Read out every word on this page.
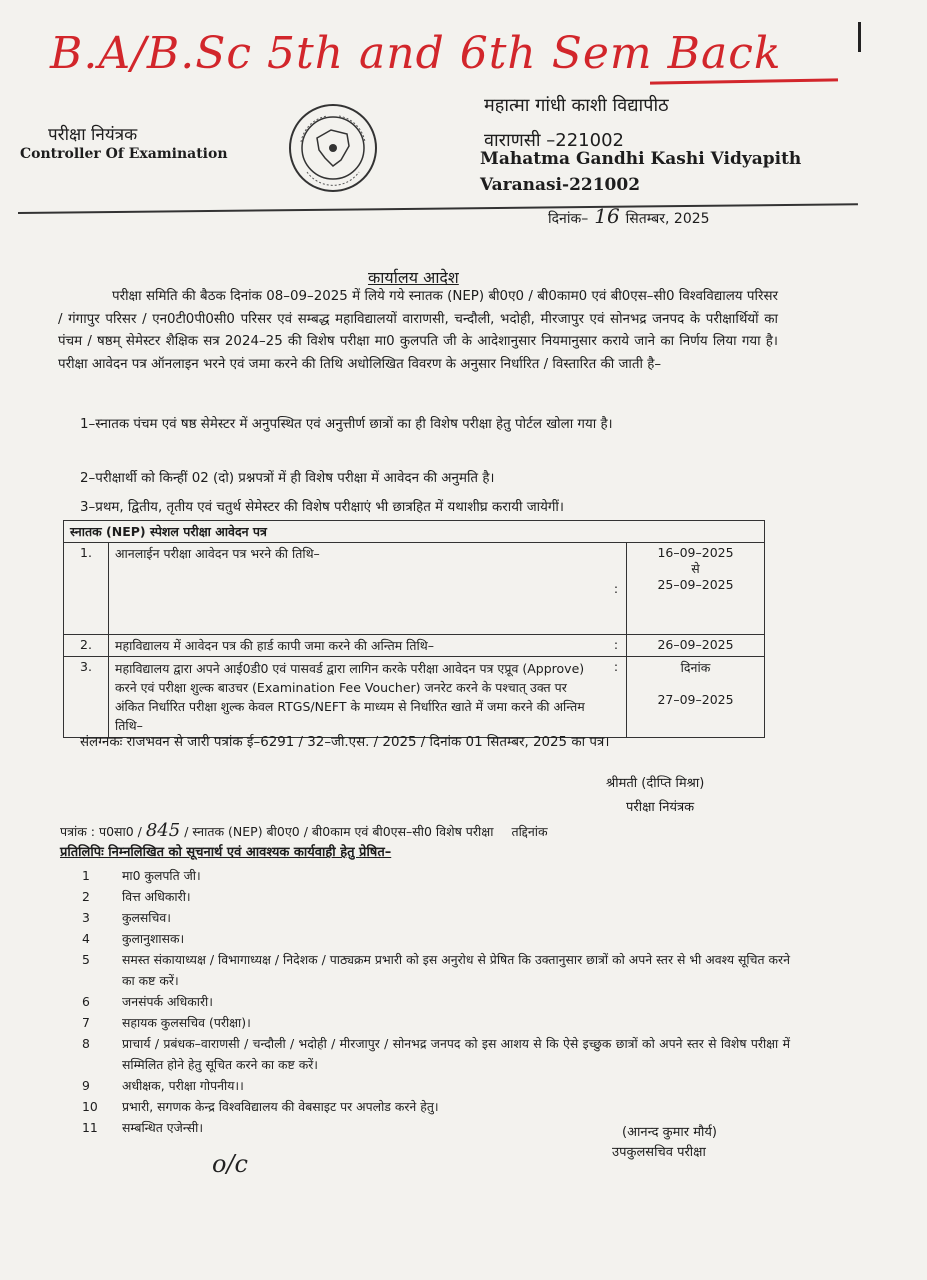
B.A/B.Sc 5th and 6th Sem Back
परीक्षा नियंत्रक
Controller Of Examination
महात्मा गांधी काशी विद्यापीठ
वाराणसी –221002
Mahatma Gandhi Kashi Vidyapith
Varanasi-221002
दिनांक– 16 सितम्बर, 2025
कार्यालय आदेश
परीक्षा समिति की बैठक दिनांक 08–09–2025 में लिये गये स्नातक (NEP) बी0ए0 / बी0काम0 एवं बी0एस–सी0 विश्वविद्यालय परिसर / गंगापुर परिसर / एन0टी0पी0सी0 परिसर एवं सम्बद्ध महाविद्यालयों वाराणसी, चन्दौली, भदोही, मीरजापुर एवं सोनभद्र जनपद के परीक्षार्थियों का पंचम / षष्ठम् सेमेस्टर शैक्षिक सत्र 2024–25 की विशेष परीक्षा मा0 कुलपति जी के आदेशानुसार नियमानुसार कराये जाने का निर्णय लिया गया है। परीक्षा आवेदन पत्र ऑनलाइन भरने एवं जमा करने की तिथि अधोलिखित विवरण के अनुसार निर्धारित / विस्तारित की जाती है–
1–स्नातक पंचम एवं षष्ठ सेमेस्टर में अनुपस्थित एवं अनुत्तीर्ण छात्रों का ही विशेष परीक्षा हेतु पोर्टल खोला गया है।
2–परीक्षार्थी को किन्हीं 02 (दो) प्रश्नपत्रों में ही विशेष परीक्षा में आवेदन की अनुमति है।
3–प्रथम, द्वितीय, तृतीय एवं चतुर्थ सेमेस्टर की विशेष परीक्षाएं भी छात्रहित में यथाशीघ्र करायी जायेगीं।
स्नातक (NEP) स्पेशल परीक्षा आवेदन पत्र			
1.	आनलाईन परीक्षा आवेदन पत्र भरने की तिथि–	:	16–09–2025
से
25–09–2025

2.	महाविद्यालय में आवेदन पत्र की हार्ड कापी जमा करने की अन्तिम तिथि–	:	26–09–2025

3.	महाविद्यालय द्वारा अपने आई0डी0 एवं पासवर्ड द्वारा लागिन करके परीक्षा आवेदन पत्र एप्रूव (Approve) करने एवं परीक्षा शुल्क बाउचर (Examination Fee Voucher) जनरेट करने के पश्चात् उक्त पर अंकित निर्धारित परीक्षा शुल्क केवल RTGS/NEFT के माध्यम से निर्धारित खाते में जमा करने की अन्तिम तिथि–	:	दिनांक
27–09–2025
संलग्नकः राजभवन से जारी पत्रांक ई–6291 / 32–जी.एस. / 2025 / दिनांक 01 सितम्बर, 2025 का पत्र।
श्रीमती (दीप्ति मिश्रा)
परीक्षा नियंत्रक
पत्रांक : प0सा0 / 845 / स्नातक (NEP) बी0ए0 / बी0काम एवं बी0एस–सी0 विशेष परीक्षा तद्दिनांक
प्रतिलिपिः निम्नलिखित को सूचनार्थ एवं आवश्यक कार्यवाही हेतु प्रेषित–
1	मा0 कुलपति जी।
2	वित्त अधिकारी।
3	कुलसचिव।
4	कुलानुशासक।
5	समस्त संकायाध्यक्ष / विभागाध्यक्ष / निदेशक / पाठ्यक्रम प्रभारी को इस अनुरोध से प्रेषित कि उक्तानुसार छात्रों को अपने स्तर से भी अवश्य सूचित करने का कष्ट करें।
6	जनसंपर्क अधिकारी।
7	सहायक कुलसचिव (परीक्षा)।
8	प्राचार्य / प्रबंधक–वाराणसी / चन्दौली / भदोही / मीरजापुर / सोनभद्र जनपद को इस आशय से कि ऐसे इच्छुक छात्रों को अपने स्तर से विशेष परीक्षा में सम्मिलित होने हेतु सूचित करने का कष्ट करें।
9	अधीक्षक, परीक्षा गोपनीय।।
10	प्रभारी, सगणक केन्द्र विश्वविद्यालय की वेबसाइट पर अपलोड करने हेतु।
11	सम्बन्धित एजेन्सी।	(आनन्द कुमार मौर्य)
उपकुलसचिव परीक्षा
o/c
